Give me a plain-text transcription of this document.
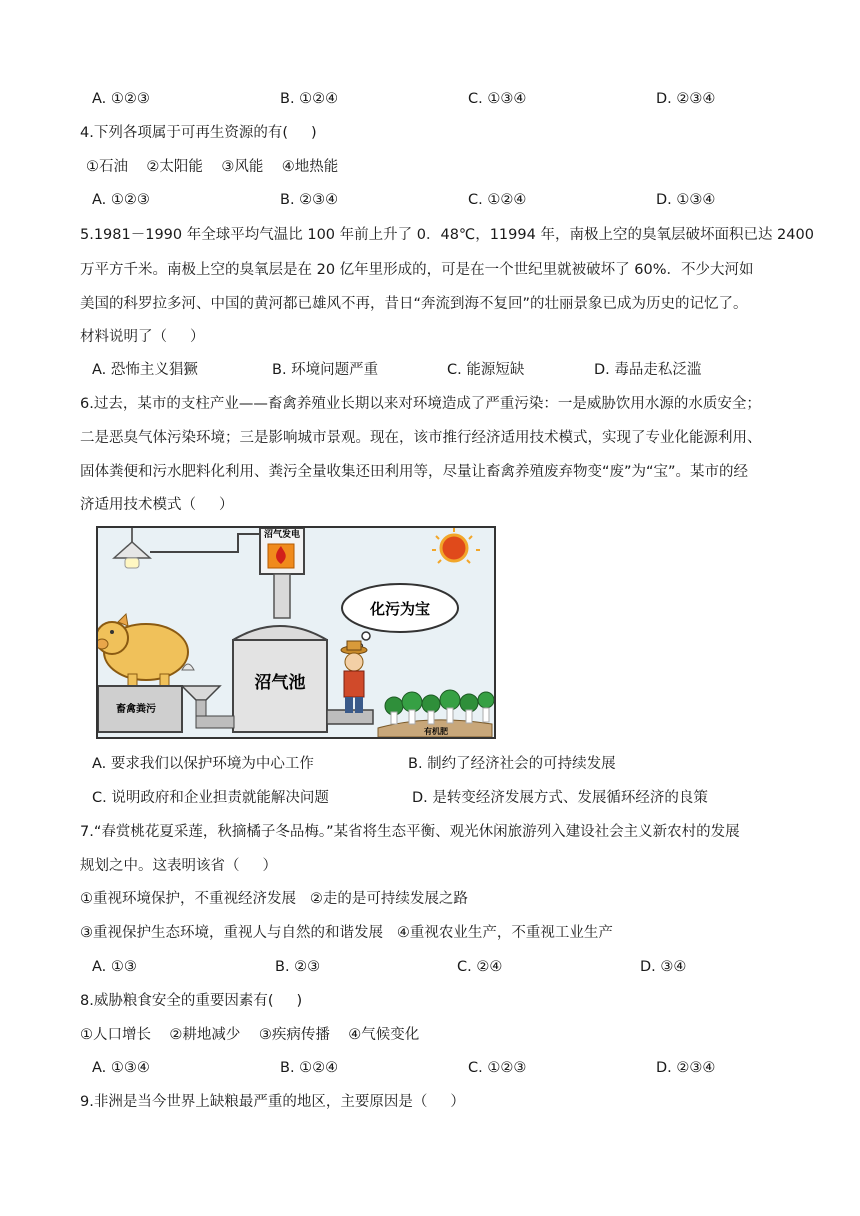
A. ①②③	B. ①②④	C. ①③④	D. ②③④
4.下列各项属于可再生资源的有(     )
①石油    ②太阳能    ③风能    ④地热能
A. ①②③	B. ②③④	C. ①②④	D. ①③④
5.1981－1990 年全球平均气温比 100 年前上升了 0．48℃，11994 年，南极上空的臭氧层破坏面积已达 2400
万平方千米。南极上空的臭氧层是在 20 亿年里形成的，可是在一个世纪里就被破坏了 60%．不少大河如
美国的科罗拉多河、中国的黄河都已雄风不再，昔日“奔流到海不复回”的壮丽景象已成为历史的记忆了。
材料说明了（     ）
A. 恐怖主义猖獗	B. 环境问题严重	C. 能源短缺	D. 毒品走私泛滥
6.过去，某市的支柱产业——畜禽养殖业长期以来对环境造成了严重污染：一是威胁饮用水源的水质安全；
二是恶臭气体污染环境；三是影响城市景观。现在，该市推行经济适用技术模式，实现了专业化能源利用、
固体粪便和污水肥料化利用、粪污全量收集还田利用等，尽量让畜禽养殖废弃物变“废”为“宝”。某市的经
济适用技术模式（     ）
沼气发电
化污为宝
沼气池
畜禽粪污
有机肥
A. 要求我们以保护环境为中心工作	B. 制约了经济社会的可持续发展
C. 说明政府和企业担责就能解决问题	D. 是转变经济发展方式、发展循环经济的良策
7.“春赏桃花夏采莲，秋摘橘子冬品梅。”某省将生态平衡、观光休闲旅游列入建设社会主义新农村的发展
规划之中。这表明该省（     ）
①重视环境保护，不重视经济发展   ②走的是可持续发展之路
③重视保护生态环境，重视人与自然的和谐发展   ④重视农业生产，不重视工业生产
A. ①③	B. ②③	C. ②④	D. ③④
8.威胁粮食安全的重要因素有(     )
①人口增长    ②耕地减少    ③疾病传播    ④气候变化
A. ①③④	B. ①②④	C. ①②③	D. ②③④
9.非洲是当今世界上缺粮最严重的地区，主要原因是（     ）
